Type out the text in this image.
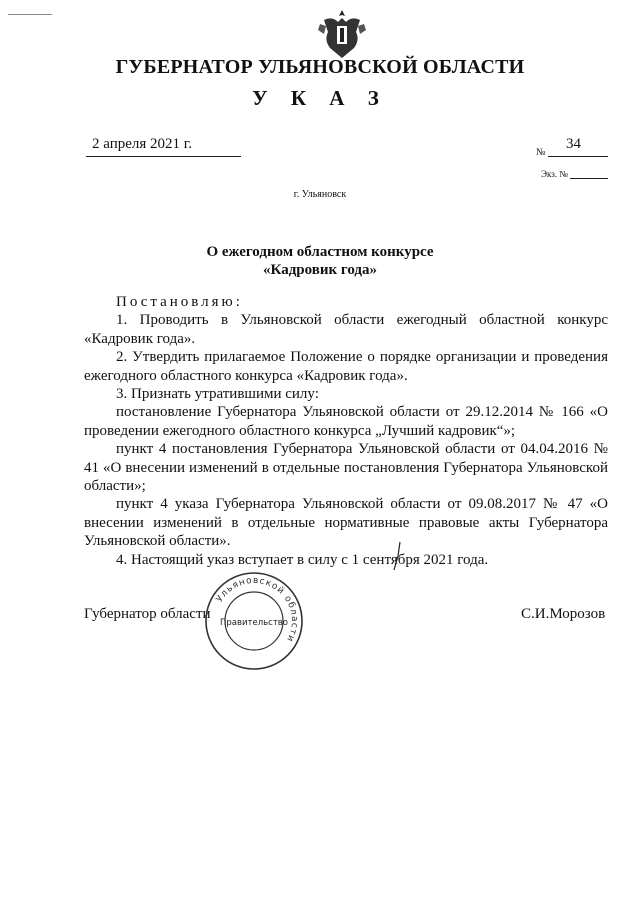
ГУБЕРНАТОР УЛЬЯНОВСКОЙ ОБЛАСТИ
У К А З
2 апреля 2021 г.
№
34
Экз. №
г. Ульяновск
О ежегодном областном конкурсе
«Кадровик года»

Постановляю:

1. Проводить в Ульяновской области ежегодный областной конкурс «Кадровик года».

2. Утвердить прилагаемое Положение о порядке организации и проведения ежегодного областного конкурса «Кадровик года».

3. Признать утратившими силу:

постановление Губернатора Ульяновской области от 29.12.2014 № 166 «О проведении ежегодного областного конкурса „Лучший кадровик“»;

пункт 4 постановления Губернатора Ульяновской области от 04.04.2016 № 41 «О внесении изменений в отдельные постановления Губернатора Ульяновской области»;

пункт 4 указа Губернатора Ульяновской области от 09.08.2017 № 47 «О внесении изменений в отдельные нормативные правовые акты Губернатора Ульяновской области».

4. Настоящий указ вступает в силу с 1 сентября 2021 года.

Губернатор области	С.И.Морозов
Ульяновской области
Правительство
